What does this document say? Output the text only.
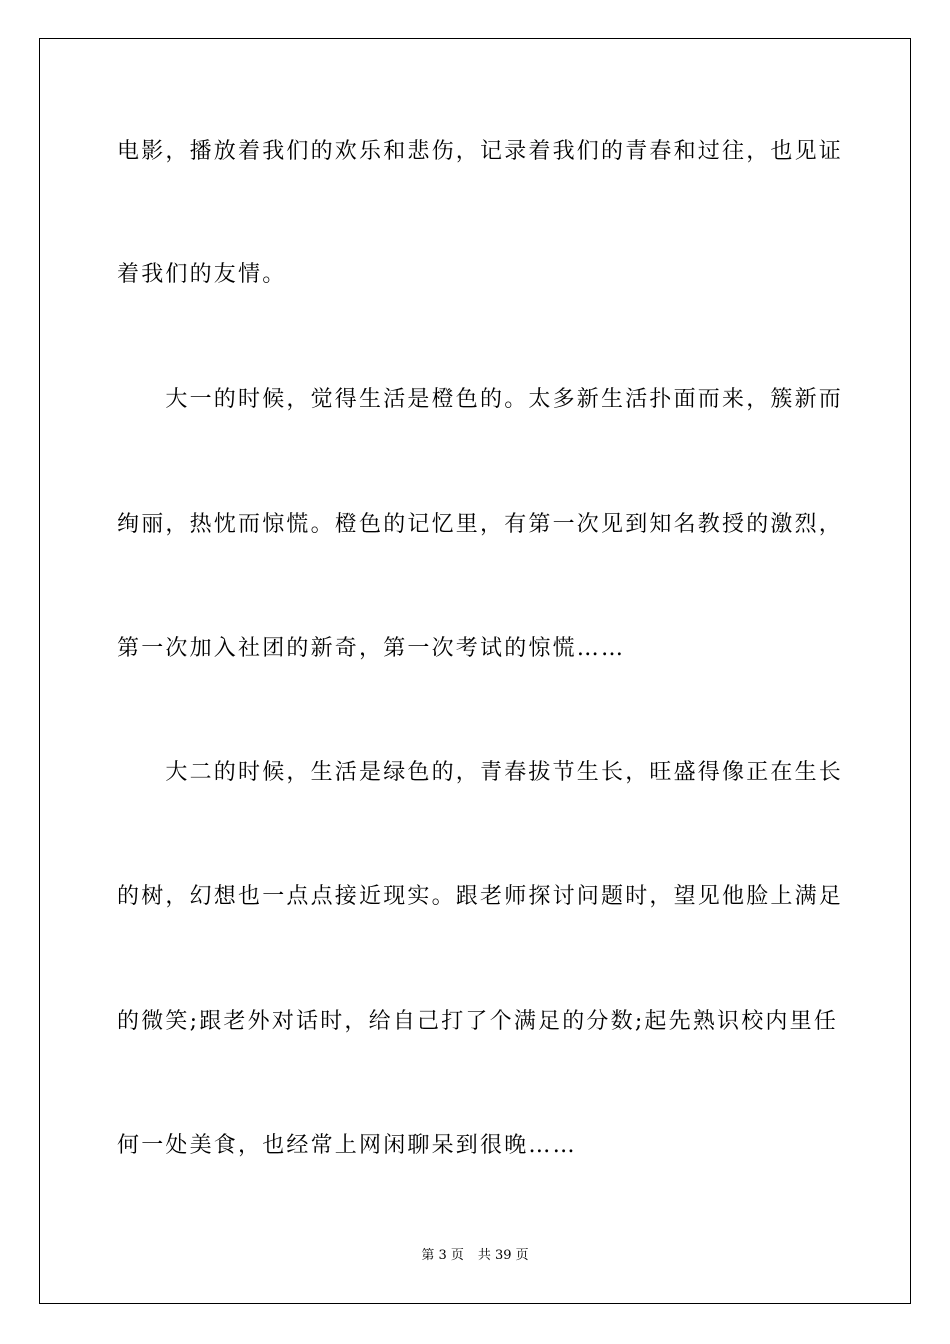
电影，播放着我们的欢乐和悲伤，记录着我们的青春和过往，也见证
着我们的友情。
　　大一的时候，觉得生活是橙色的。太多新生活扑面而来，簇新而
绚丽，热忱而惊慌。橙色的记忆里，有第一次见到知名教授的激烈，
第一次加入社团的新奇，第一次考试的惊慌……
　　大二的时候，生活是绿色的，青春拔节生长，旺盛得像正在生长
的树，幻想也一点点接近现实。跟老师探讨问题时，望见他脸上满足
的微笑;跟老外对话时，给自己打了个满足的分数;起先熟识校内里任
何一处美食，也经常上网闲聊呆到很晚……
第 3 页 共 39 页
